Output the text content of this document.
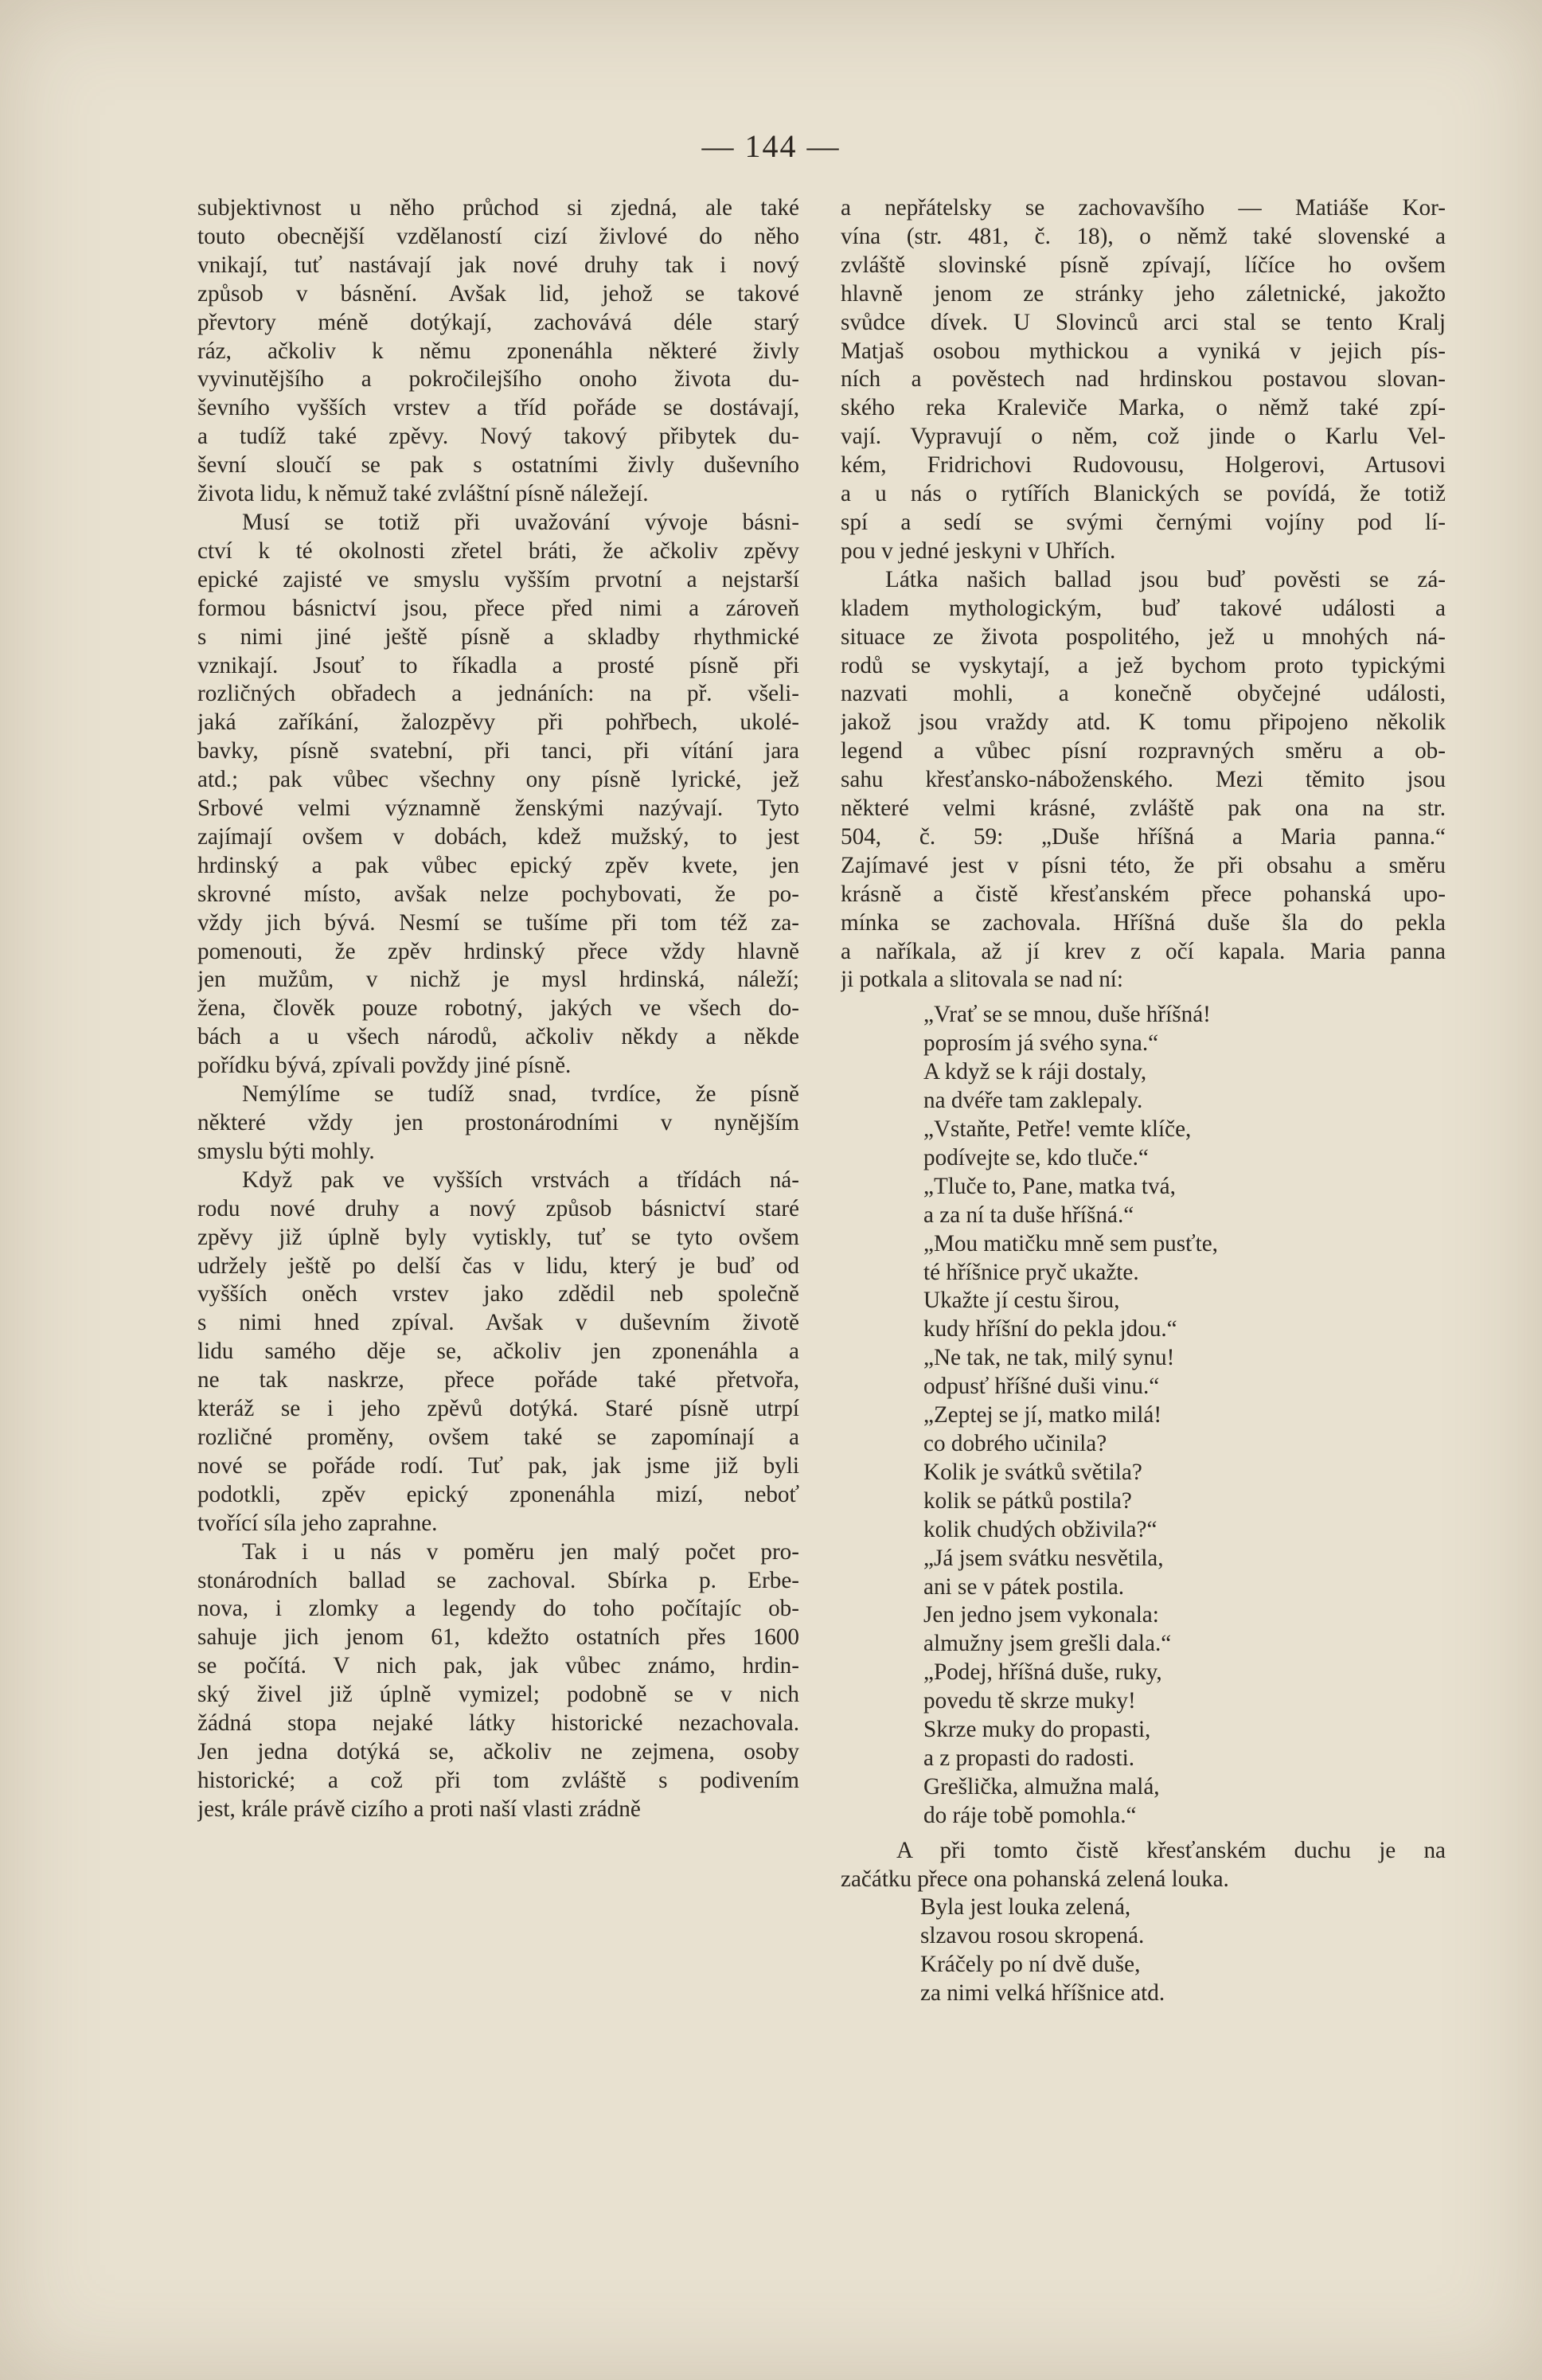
— 144 —

subjektivnost u něho průchod si zjedná, ale také
touto obecnější vzdělaností cizí živlové do něho
vnikají, tuť nastávají jak nové druhy tak i nový
způsob v básnění. Avšak lid, jehož se takové
převtory méně dotýkají, zachovává déle starý
ráz, ačkoliv k němu zponenáhla některé živly
vyvinutějšího a pokročilejšího onoho života du-
ševního vyšších vrstev a tříd pořáde se dostávají,
a tudíž také zpěvy. Nový takový přibytek du-
ševní sloučí se pak s ostatními živly duševního
života lidu, k němuž také zvláštní písně náležejí.

Musí se totiž při uvažování vývoje básni-
ctví k té okolnosti zřetel bráti, že ačkoliv zpěvy
epické zajisté ve smyslu vyšším prvotní a nejstarší
formou básnictví jsou, přece před nimi a zároveň
s nimi jiné ještě písně a skladby rhythmické
vznikají. Jsouť to říkadla a prosté písně při
rozličných obřadech a jednáních: na př. všeli-
jaká zaříkání, žalozpěvy při pohřbech, ukolé-
bavky, písně svatební, při tanci, při vítání jara
atd.; pak vůbec všechny ony písně lyrické, jež
Srbové velmi významně ženskými nazývají. Tyto
zajímají ovšem v dobách, kdež mužský, to jest
hrdinský a pak vůbec epický zpěv kvete, jen
skrovné místo, avšak nelze pochybovati, že po-
vždy jich bývá. Nesmí se tušíme při tom též za-
pomenouti, že zpěv hrdinský přece vždy hlavně
jen mužům, v nichž je mysl hrdinská, náleží;
žena, člověk pouze robotný, jakých ve všech do-
bách a u všech národů, ačkoliv někdy a někde
pořídku bývá, zpívali povždy jiné písně.

Nemýlíme se tudíž snad, tvrdíce, že písně
některé vždy jen prostonárodními v nynějším
smyslu býti mohly.

Když pak ve vyšších vrstvách a třídách ná-
rodu nové druhy a nový způsob básnictví staré
zpěvy již úplně byly vytiskly, tuť se tyto ovšem
udržely ještě po delší čas v lidu, který je buď od
vyšších oněch vrstev jako zdědil neb společně
s nimi hned zpíval. Avšak v duševním životě
lidu samého děje se, ačkoliv jen zponenáhla a
ne tak naskrze, přece pořáde také přetvořa,
kteráž se i jeho zpěvů dotýká. Staré písně utrpí
rozličné proměny, ovšem také se zapomínají a
nové se pořáde rodí. Tuť pak, jak jsme již byli
podotkli, zpěv epický zponenáhla mizí, neboť
tvořící síla jeho zaprahne.

Tak i u nás v poměru jen malý počet pro-
stonárodních ballad se zachoval. Sbírka p. Erbe-
nova, i zlomky a legendy do toho počítajíc ob-
sahuje jich jenom 61, kdežto ostatních přes 1600
se počítá. V nich pak, jak vůbec známo, hrdin-
ský živel již úplně vymizel; podobně se v nich
žádná stopa nejaké látky historické nezachovala.
Jen jedna dotýká se, ačkoliv ne zejmena, osoby
historické; a což při tom zvláště s podivením
jest, krále právě cizího a proti naší vlasti zrádně

a nepřátelsky se zachovavšího — Matiáše Kor-
vína (str. 481, č. 18), o němž také slovenské a
zvláště slovinské písně zpívají, líčíce ho ovšem
hlavně jenom ze stránky jeho záletnické, jakožto
svůdce dívek. U Slovinců arci stal se tento Kralj
Matjaš osobou mythickou a vyniká v jejich pís-
ních a pověstech nad hrdinskou postavou slovan-
ského reka Kraleviče Marka, o němž také zpí-
vají. Vypravují o něm, což jinde o Karlu Vel-
kém, Fridrichovi Rudovousu, Holgerovi, Artusovi
a u nás o rytířích Blanických se povídá, že totiž
spí a sedí se svými černými vojíny pod lí-
pou v jedné jeskyni v Uhřích.

Látka našich ballad jsou buď pověsti se zá-
kladem mythologickým, buď takové události a
situace ze života pospolitého, jež u mnohých ná-
rodů se vyskytají, a jež bychom proto typickými
nazvati mohli, a konečně obyčejné události,
jakož jsou vraždy atd. K tomu připojeno několik
legend a vůbec písní rozpravných směru a ob-
sahu křesťansko-náboženského. Mezi těmito jsou
některé velmi krásné, zvláště pak ona na str.
504, č. 59: „Duše hříšná a Maria panna.“
Zajímavé jest v písni této, že při obsahu a směru
krásně a čistě křesťanském přece pohanská upo-
mínka se zachovala. Hříšná duše šla do pekla
a naříkala, až jí krev z očí kapala. Maria panna
ji potkala a slitovala se nad ní:

„Vrať se se mnou, duše hříšná!
poprosím já svého syna.“
A když se k ráji dostaly,
na dvéře tam zaklepaly.
„Vstaňte, Petře! vemte klíče,
podívejte se, kdo tluče.“
„Tluče to, Pane, matka tvá,
a za ní ta duše hříšná.“
„Mou matičku mně sem pusťte,
té hříšnice pryč ukažte.
Ukažte jí cestu širou,
kudy hříšní do pekla jdou.“
„Ne tak, ne tak, milý synu!
odpusť hříšné duši vinu.“
„Zeptej se jí, matko milá!
co dobrého učinila?
Kolik je svátků světila?
kolik se pátků postila?
kolik chudých obživila?“
„Já jsem svátku nesvětila,
ani se v pátek postila.
Jen jedno jsem vykonala:
almužny jsem grešli dala.“
„Podej, hříšná duše, ruky,
povedu tě skrze muky!
Skrze muky do propasti,
a z propasti do radosti.
Grešlička, almužna malá,
do ráje tobě pomohla.“

A při tomto čistě křesťanském duchu je na
začátku přece ona pohanská zelená louka.

Byla jest louka zelená,
slzavou rosou skropená.
Kráčely po ní dvě duše,
za nimi velká hříšnice atd.
